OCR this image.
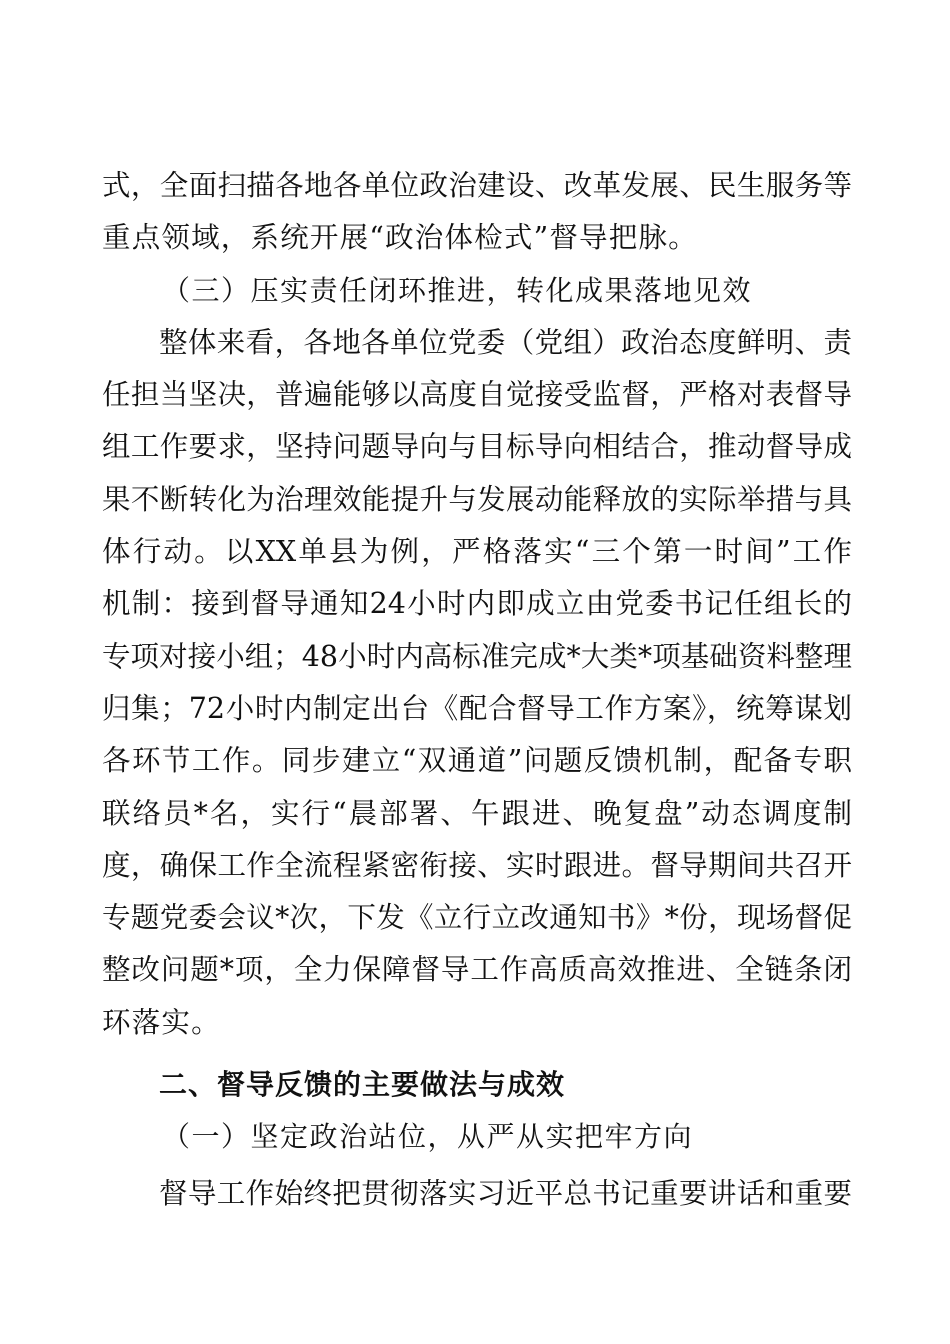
式，全面扫描各地各单位政治建设、改革发展、民生服务等
重点领域，系统开展“政治体检式”督导把脉。
（三）压实责任闭环推进，转化成果落地见效
整体来看，各地各单位党委（党组）政治态度鲜明、责
任担当坚决，普遍能够以高度自觉接受监督，严格对表督导
组工作要求，坚持问题导向与目标导向相结合，推动督导成
果不断转化为治理效能提升与发展动能释放的实际举措与具
体行动。以XX单县为例，严格落实“三个第一时间”工作
机制：接到督导通知24小时内即成立由党委书记任组长的
专项对接小组；48小时内高标准完成*大类*项基础资料整理
归集；72小时内制定出台《配合督导工作方案》，统筹谋划
各环节工作。同步建立“双通道”问题反馈机制，配备专职
联络员*名，实行“晨部署、午跟进、晚复盘”动态调度制
度，确保工作全流程紧密衔接、实时跟进。督导期间共召开
专题党委会议*次，下发《立行立改通知书》*份，现场督促
整改问题*项，全力保障督导工作高质高效推进、全链条闭
环落实。
二、督导反馈的主要做法与成效
（一）坚定政治站位，从严从实把牢方向
督导工作始终把贯彻落实习近平总书记重要讲话和重要
